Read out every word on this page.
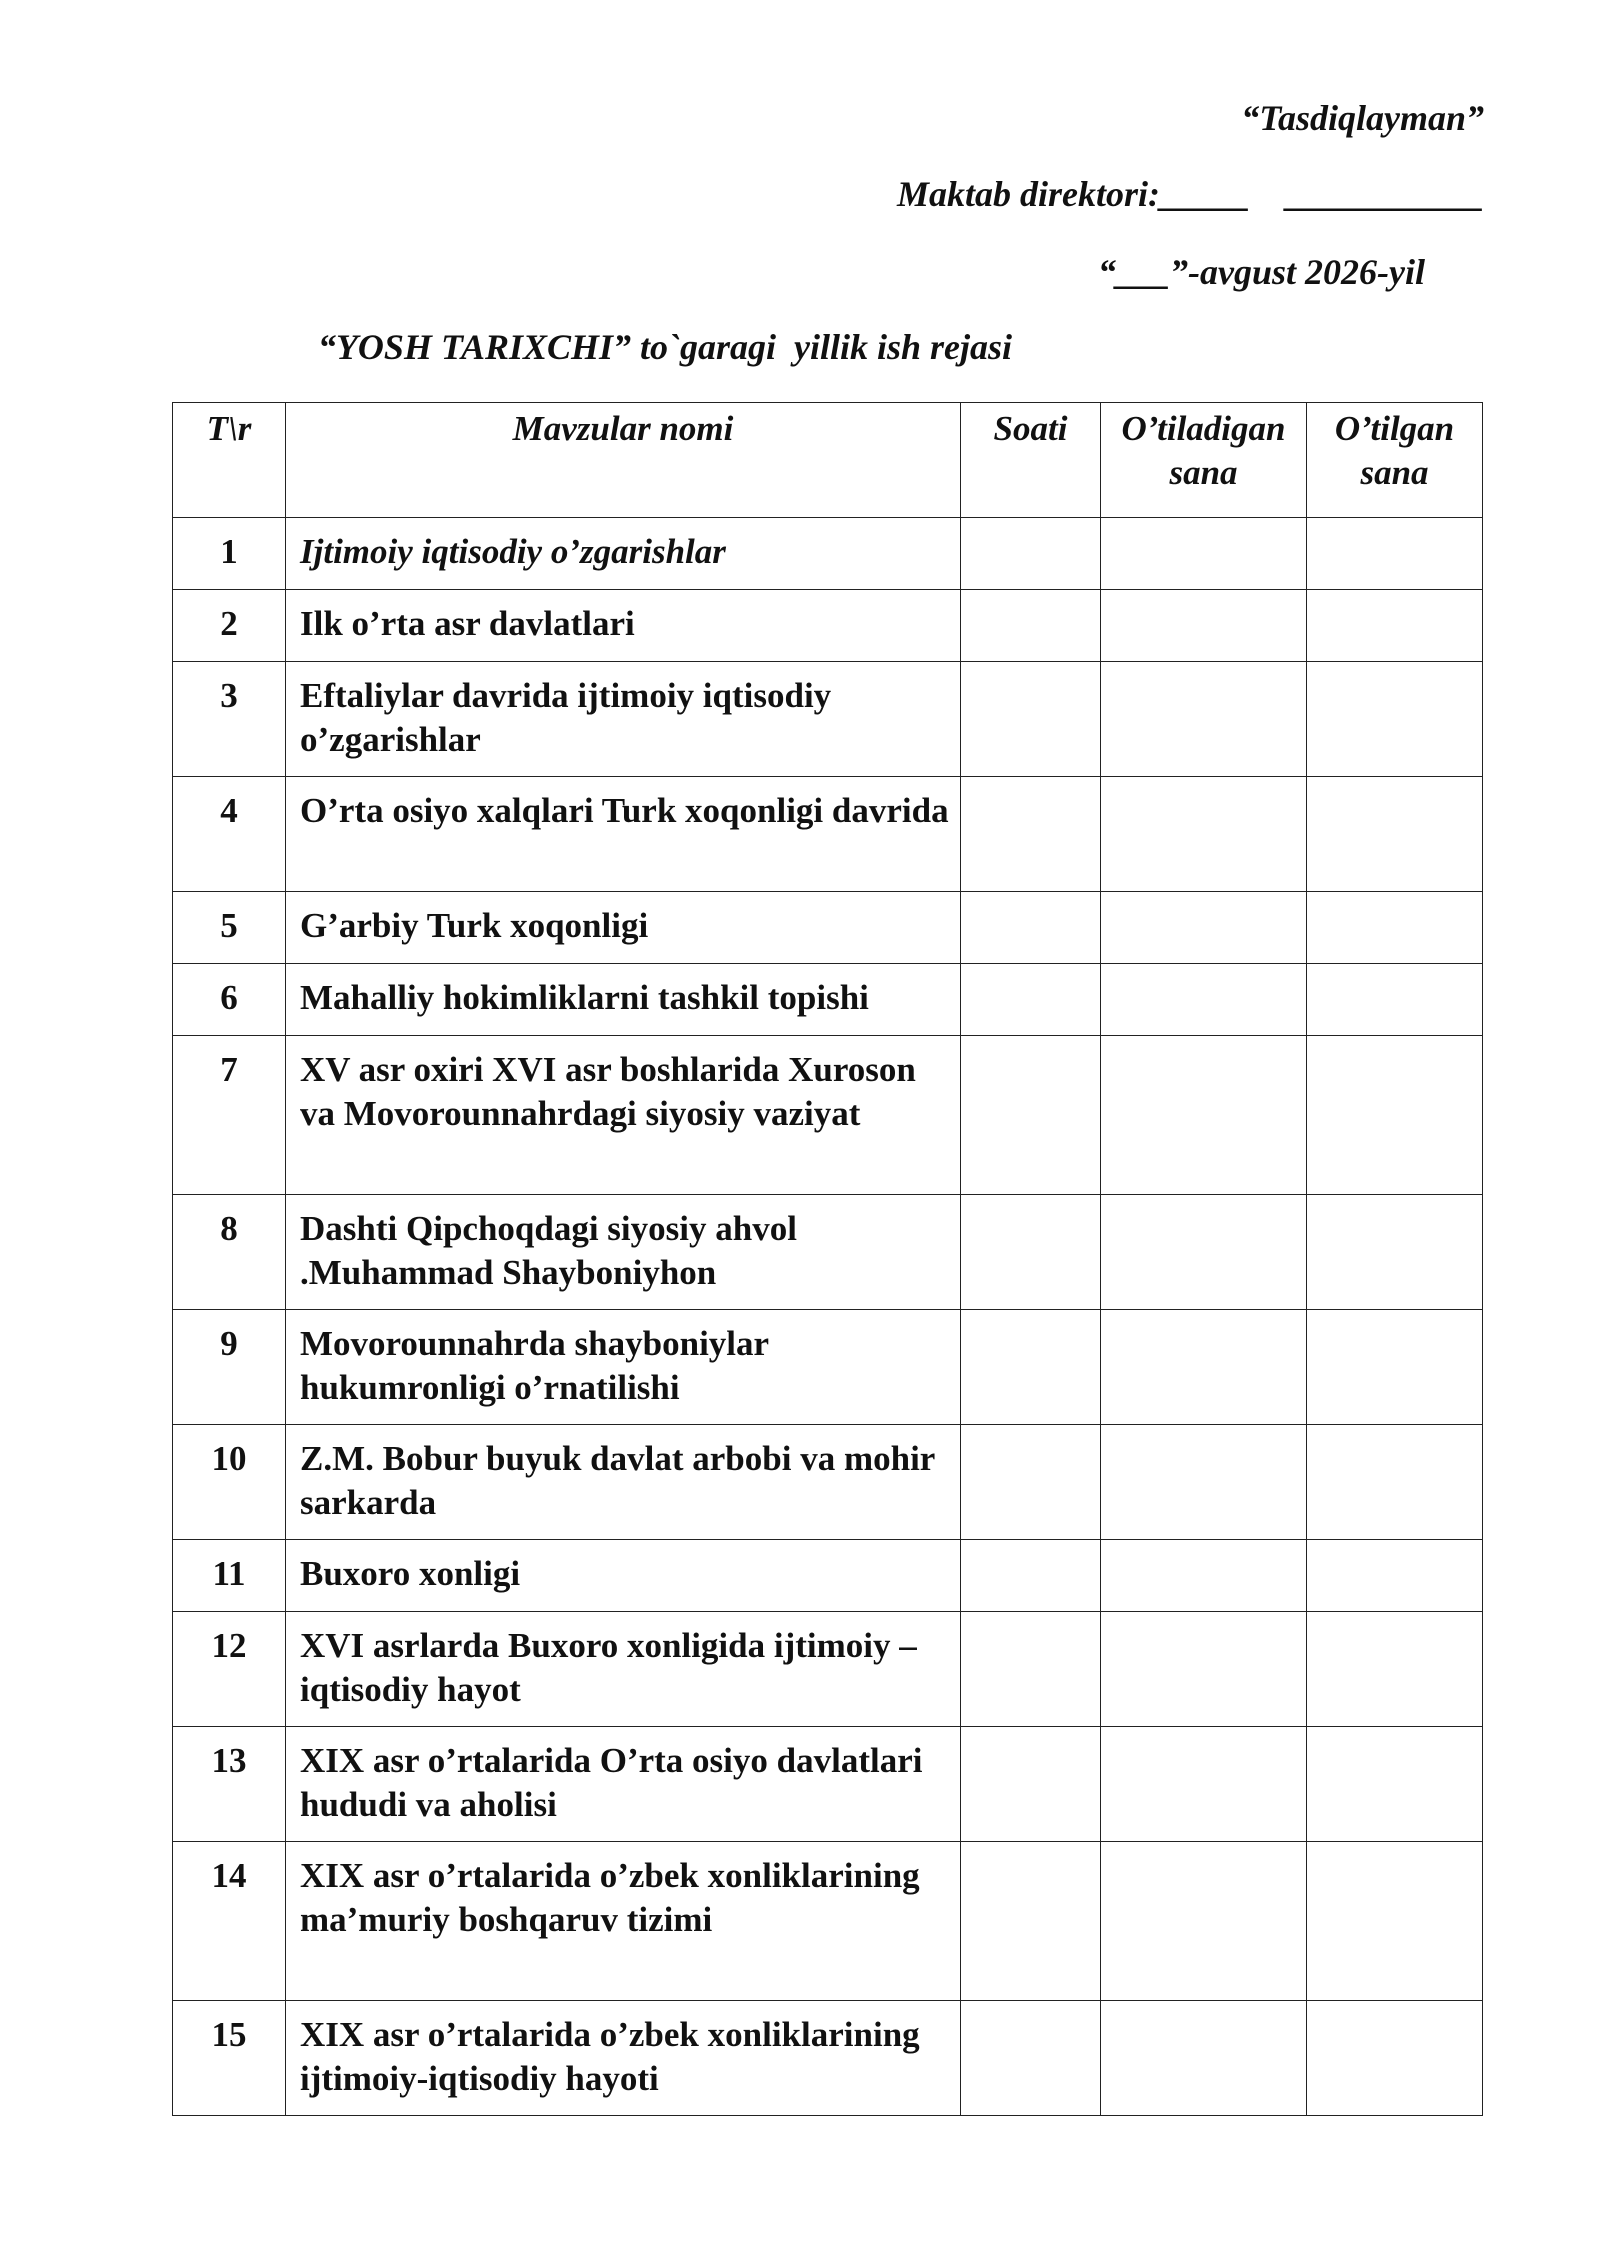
“Tasdiqlayman”
Maktab direktori:_____    ___________
“___”-avgust 2026-yil
“YOSH TARIXCHI” to`garagi  yillik ish rejasi
T\r	Mavzular nomi	Soati	O’tiladigan sana	O’tilgan sana
1	Ijtimoiy iqtisodiy o’zgarishlar			
2	Ilk o’rta asr davlatlari			
3	Eftaliylar davrida ijtimoiy iqtisodiy o’zgarishlar			
4	O’rta osiyo xalqlari Turk xoqonligi davrida			
5	G’arbiy Turk xoqonligi			
6	Mahalliy hokimliklarni tashkil topishi			
7	XV asr oxiri XVI asr boshlarida Xuroson va Movorounnahrdagi siyosiy vaziyat			
8	Dashti Qipchoqdagi siyosiy ahvol .Muhammad Shayboniyhon			
9	Movorounnahrda shayboniylar hukumronligi o’rnatilishi			
10	Z.M. Bobur buyuk davlat arbobi va mohir sarkarda			
11	Buxoro xonligi			
12	XVI asrlarda Buxoro xonligida ijtimoiy –iqtisodiy hayot			
13	XIX asr o’rtalarida O’rta osiyo davlatlari hududi va aholisi			
14	XIX asr o’rtalarida o’zbek xonliklarining ma’muriy boshqaruv tizimi			
15	XIX asr o’rtalarida o’zbek xonliklarining ijtimoiy-iqtisodiy hayoti			
